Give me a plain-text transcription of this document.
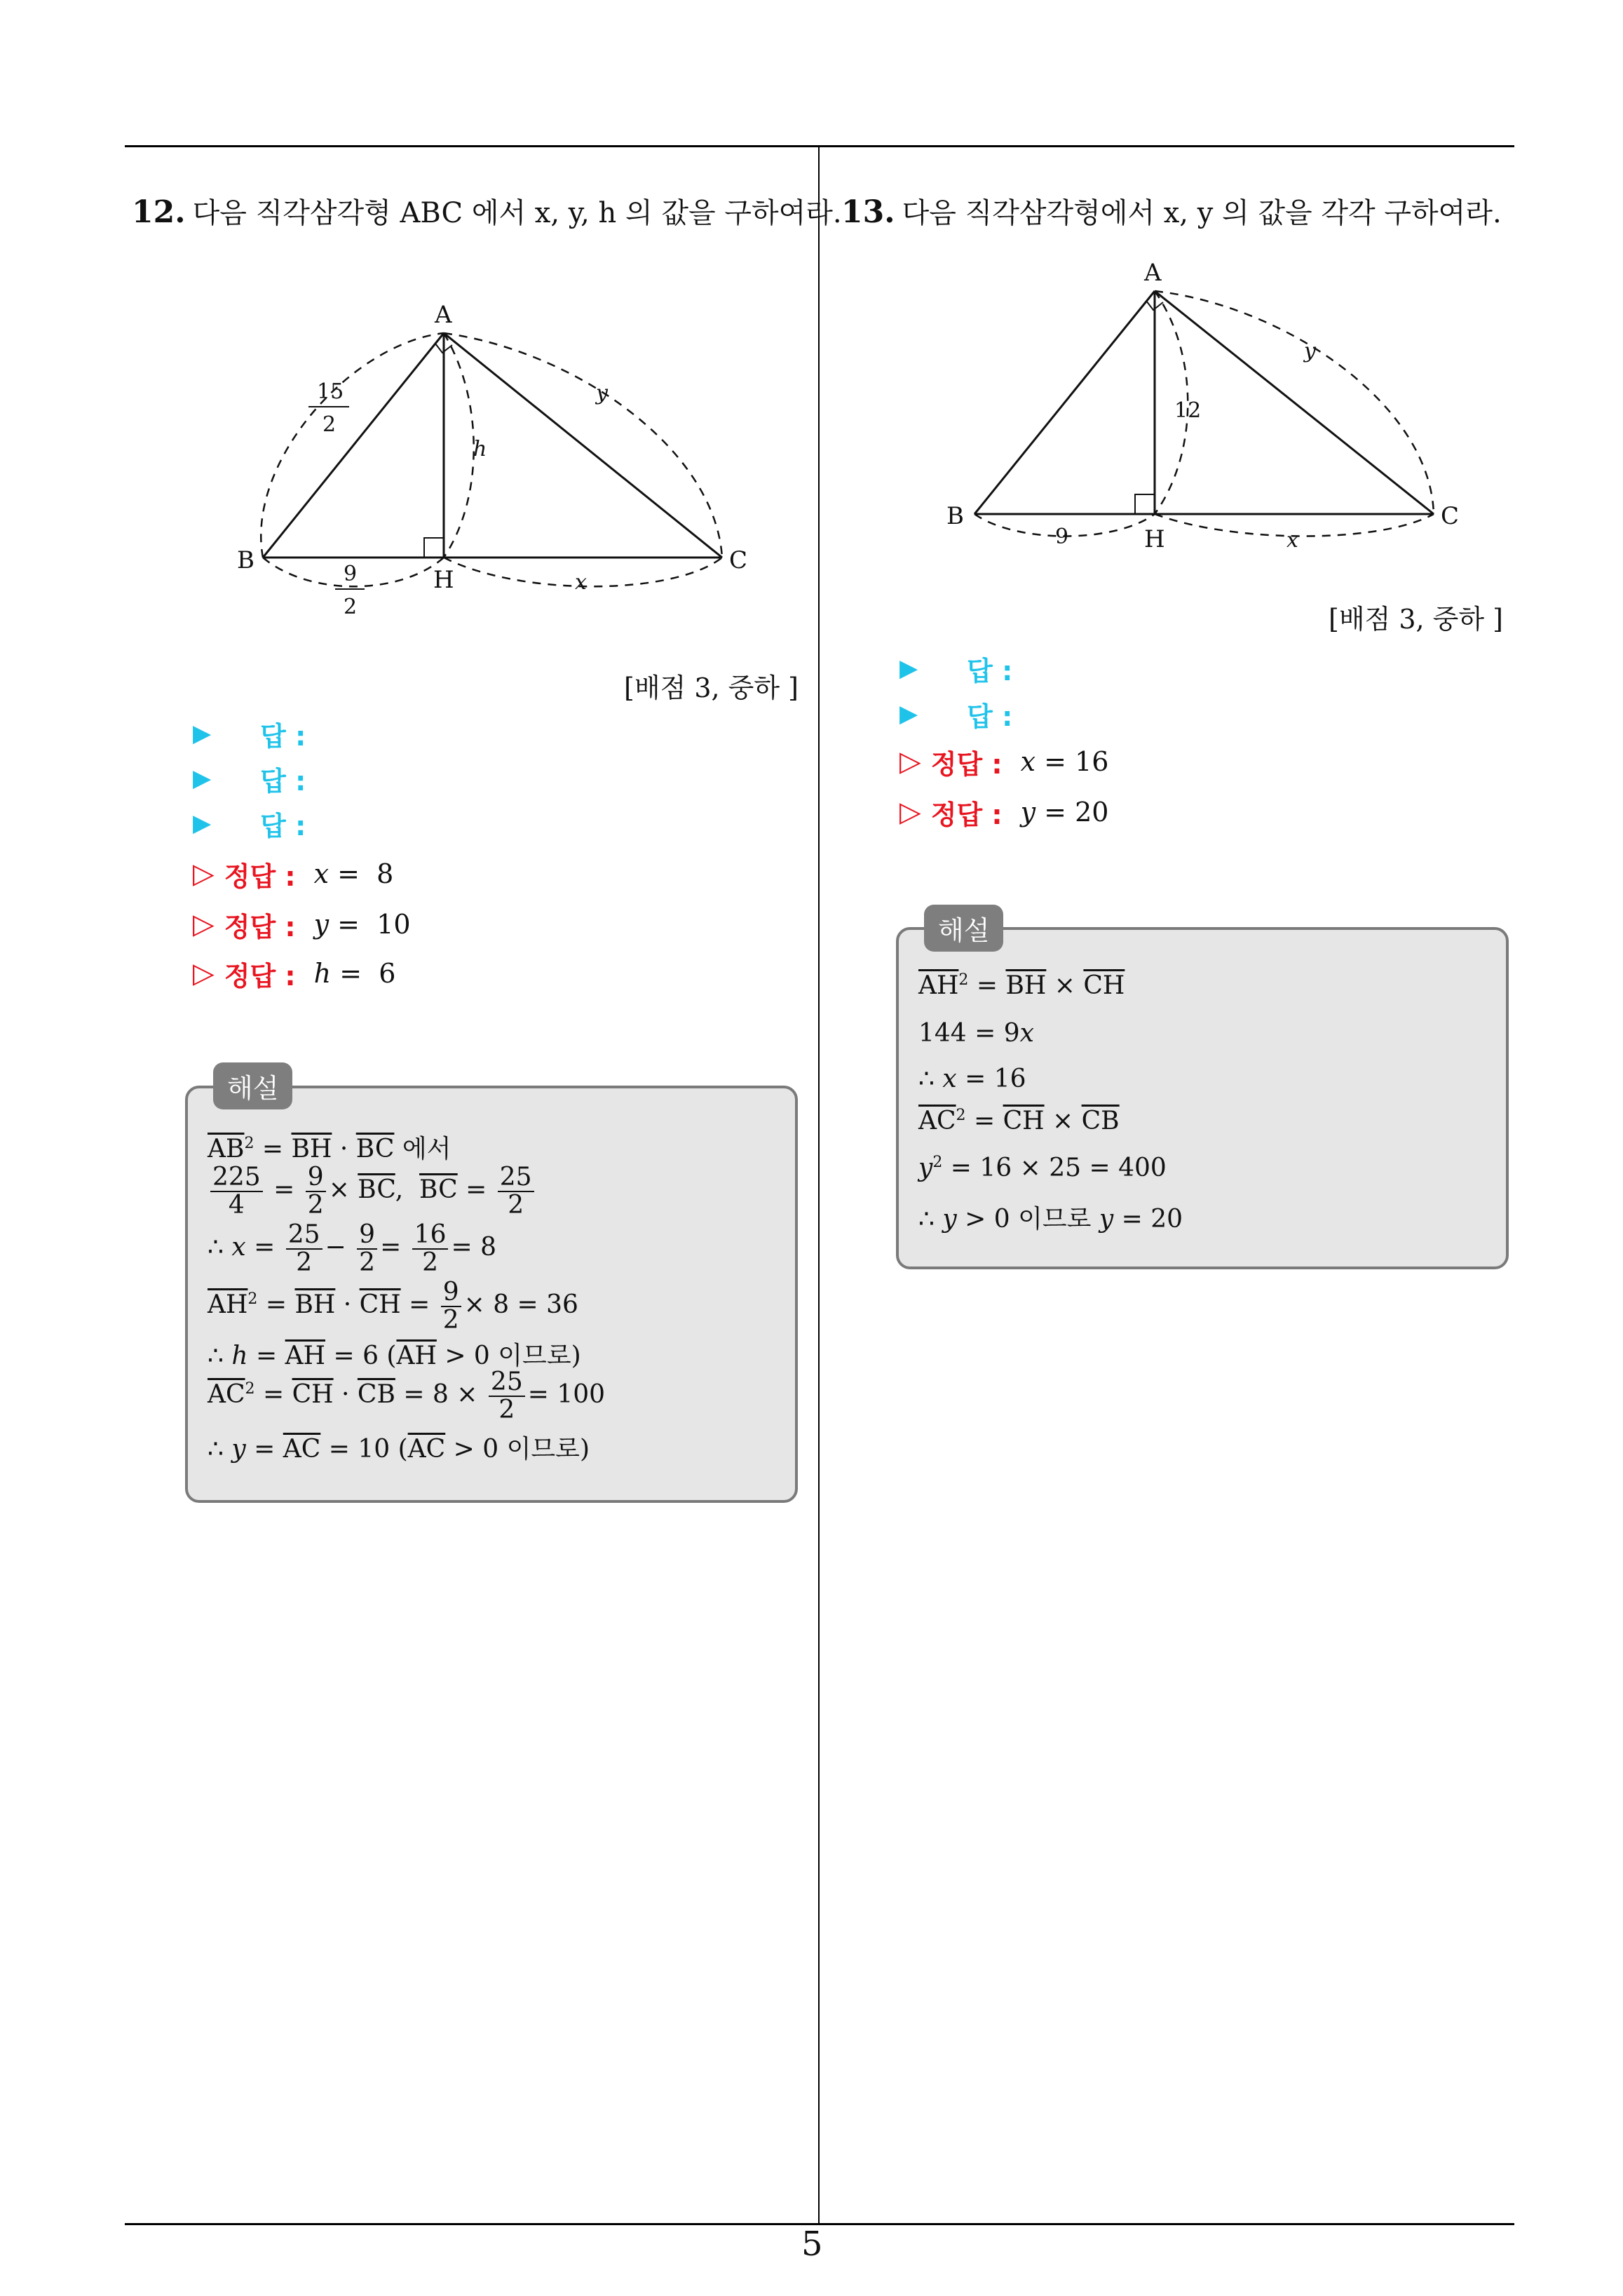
12. 다음 직각삼각형 ABC 에서 x, y, h 의 값을 구하여라.
A
B	C
H
15
2
9
2
h
y
x
[배점 3, 중하 ]
▶ 답 :
▶ 답 :
▶ 답 :
▷ 정답 : x = 8
▷ 정답 : y = 10
▷ 정답 : h = 6
해설
$\overline{AB}^2 = \overline{BH} \cdot \overline{BC}$ 에서
$\frac{225}{4} = \frac{9}{2} \times \overline{BC}$,  $\overline{BC} = \frac{25}{2}$
∴ $x = \frac{25}{2} - \frac{9}{2} = \frac{16}{2} = 8$
$\overline{AH}^2 = \overline{BH} \cdot \overline{CH} = \frac{9}{2} \times 8 = 36$
∴ $h = \overline{AH} = 6$ ($\overline{AH} > 0$ 이므로)
$\overline{AC}^2 = \overline{CH} \cdot \overline{CB} = 8 \times \frac{25}{2} = 100$
∴ $y = \overline{AC} = 10$ ($\overline{AC} > 0$ 이므로)
13. 다음 직각삼각형에서 x, y 의 값을 각각 구하여라.
A
B	C
H
12
9
y
x
[배점 3, 중하 ]
▶ 답 :
▶ 답 :
▷ 정답 : x = 16
▷ 정답 : y = 20
해설
$\overline{AH}^2 = \overline{BH} \times \overline{CH}$
144 = 9x
∴ x = 16
$\overline{AC}^2 = \overline{CH} \times \overline{CB}$
$y^2 = 16 \times 25 = 400$
∴ y > 0 이므로 y = 20
5
